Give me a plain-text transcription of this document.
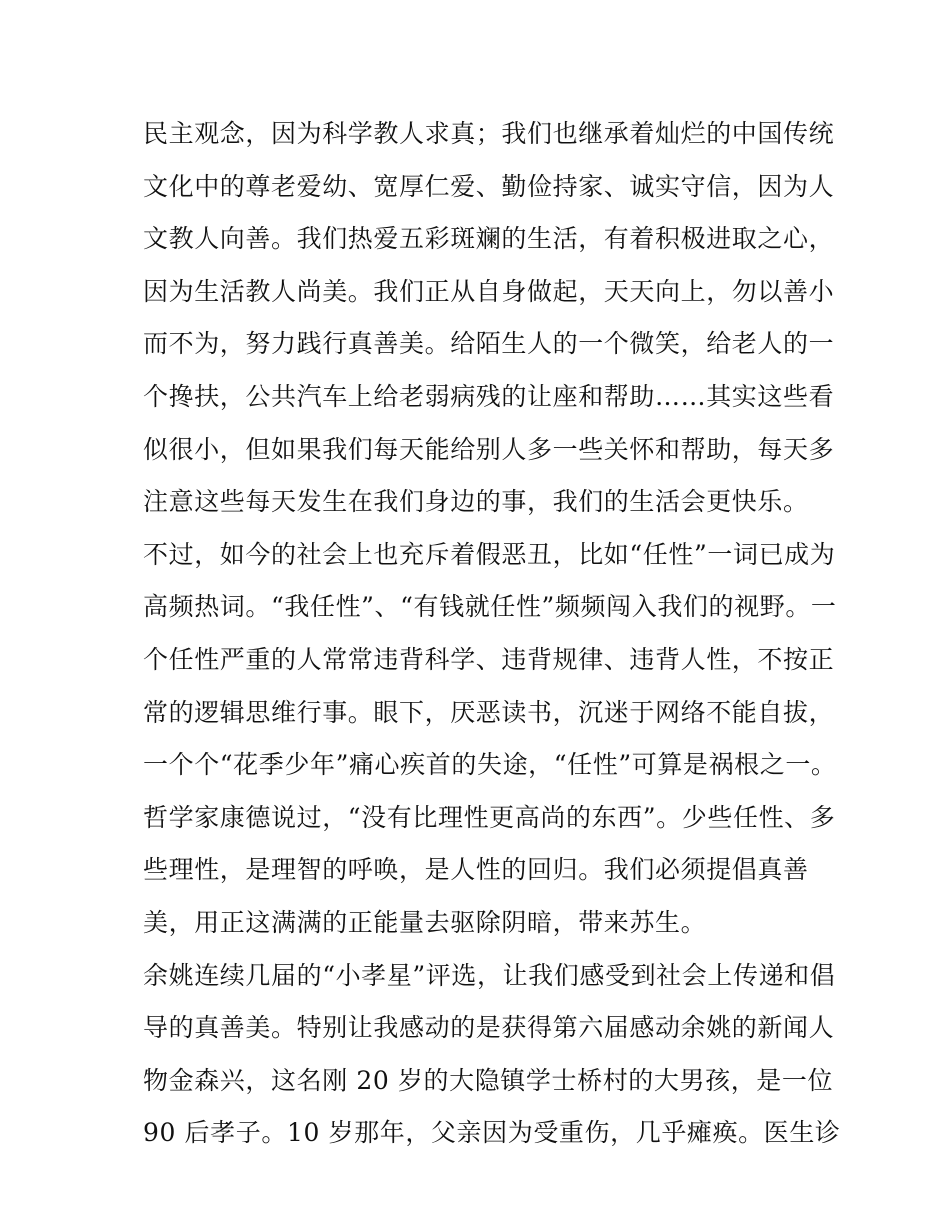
民主观念，因为科学教人求真；我们也继承着灿烂的中国传统
文化中的尊老爱幼、宽厚仁爱、勤俭持家、诚实守信，因为人
文教人向善。我们热爱五彩斑斓的生活，有着积极进取之心，
因为生活教人尚美。我们正从自身做起，天天向上，勿以善小
而不为，努力践行真善美。给陌生人的一个微笑，给老人的一
个搀扶，公共汽车上给老弱病残的让座和帮助……其实这些看
似很小，但如果我们每天能给别人多一些关怀和帮助，每天多
注意这些每天发生在我们身边的事，我们的生活会更快乐。
不过，如今的社会上也充斥着假恶丑，比如“任性”一词已成为
高频热词。“我任性”、“有钱就任性”频频闯入我们的视野。一
个任性严重的人常常违背科学、违背规律、违背人性，不按正
常的逻辑思维行事。眼下，厌恶读书，沉迷于网络不能自拔，
一个个“花季少年”痛心疾首的失途，“任性”可算是祸根之一。
哲学家康德说过，“没有比理性更高尚的东西”。少些任性、多
些理性，是理智的呼唤，是人性的回归。我们必须提倡真善
美，用正这满满的正能量去驱除阴暗，带来苏生。
余姚连续几届的“小孝星”评选，让我们感受到社会上传递和倡
导的真善美。特别让我感动的是获得第六届感动余姚的新闻人
物金森兴，这名刚 20 岁的大隐镇学士桥村的大男孩，是一位
90 后孝子。10 岁那年，父亲因为受重伤，几乎瘫痪。医生诊
